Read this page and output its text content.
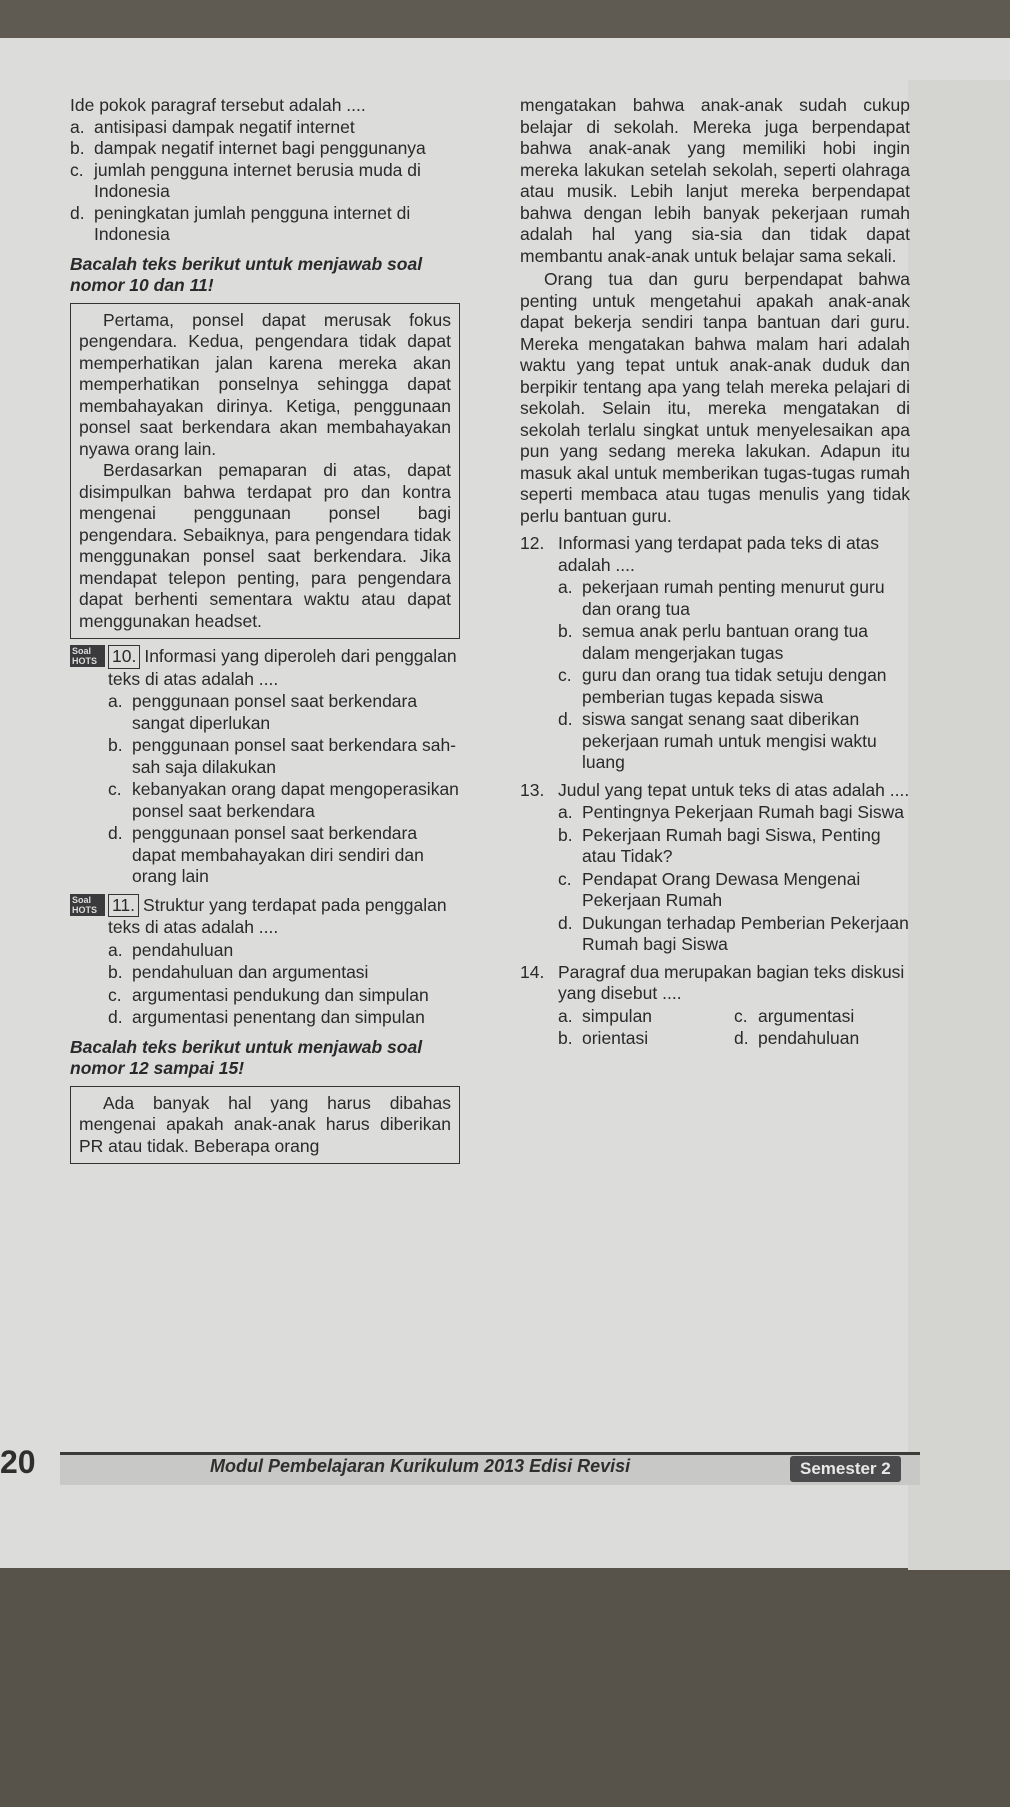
Ide pokok paragraf tersebut adalah ....
a. antisipasi dampak negatif internet
b. dampak negatif internet bagi penggunanya
c. jumlah pengguna internet berusia muda di Indonesia
d. peningkatan jumlah pengguna internet di Indonesia
Bacalah teks berikut untuk menjawab soal nomor 10 dan 11!

Pertama, ponsel dapat merusak fokus pengendara. Kedua, pengendara tidak dapat memperhatikan jalan karena mereka akan memperhatikan ponselnya sehingga dapat membahayakan dirinya. Ketiga, penggunaan ponsel saat berkendara akan membahayakan nyawa orang lain.

Berdasarkan pemaparan di atas, dapat disimpulkan bahwa terdapat pro dan kontra mengenai penggunaan ponsel bagi pengendara. Sebaiknya, para pengendara tidak menggunakan ponsel saat berkendara. Jika mendapat telepon penting, para pengendara dapat berhenti sementara waktu atau dapat menggunakan headset.

Soal HOTS 10. Informasi yang diperoleh dari penggalan teks di atas adalah ....
a. penggunaan ponsel saat berkendara sangat diperlukan
b. penggunaan ponsel saat berkendara sah-sah saja dilakukan
c. kebanyakan orang dapat mengoperasikan ponsel saat berkendara
d. penggunaan ponsel saat berkendara dapat membahayakan diri sendiri dan orang lain
Soal HOTS 11. Struktur yang terdapat pada penggalan teks di atas adalah ....
a. pendahuluan
b. pendahuluan dan argumentasi
c. argumentasi pendukung dan simpulan
d. argumentasi penentang dan simpulan
Bacalah teks berikut untuk menjawab soal nomor 12 sampai 15!

Ada banyak hal yang harus dibahas mengenai apakah anak-anak harus diberikan PR atau tidak. Beberapa orang

mengatakan bahwa anak-anak sudah cukup belajar di sekolah. Mereka juga berpendapat bahwa anak-anak yang memiliki hobi ingin mereka lakukan setelah sekolah, seperti olahraga atau musik. Lebih lanjut mereka berpendapat bahwa dengan lebih banyak pekerjaan rumah adalah hal yang sia-sia dan tidak dapat membantu anak-anak untuk belajar sama sekali.

Orang tua dan guru berpendapat bahwa penting untuk mengetahui apakah anak-anak dapat bekerja sendiri tanpa bantuan dari guru. Mereka mengatakan bahwa malam hari adalah waktu yang tepat untuk anak-anak duduk dan berpikir tentang apa yang telah mereka pelajari di sekolah. Selain itu, mereka mengatakan di sekolah terlalu singkat untuk menyelesaikan apa pun yang sedang mereka lakukan. Adapun itu masuk akal untuk memberikan tugas-tugas rumah seperti membaca atau tugas menulis yang tidak perlu bantuan guru.

12. Informasi yang terdapat pada teks di atas adalah ....
a. pekerjaan rumah penting menurut guru dan orang tua
b. semua anak perlu bantuan orang tua dalam mengerjakan tugas
c. guru dan orang tua tidak setuju dengan pemberian tugas kepada siswa
d. siswa sangat senang saat diberikan pekerjaan rumah untuk mengisi waktu luang
13. Judul yang tepat untuk teks di atas adalah ....
a. Pentingnya Pekerjaan Rumah bagi Siswa
b. Pekerjaan Rumah bagi Siswa, Penting atau Tidak?
c. Pendapat Orang Dewasa Mengenai Pekerjaan Rumah
d. Dukungan terhadap Pemberian Pekerjaan Rumah bagi Siswa
14. Paragraf dua merupakan bagian teks diskusi yang disebut ....
a. simpulan	c. argumentasi
b. orientasi	d. pendahuluan
20	Modul Pembelajaran Kurikulum 2013 Edisi Revisi	Semester 2
